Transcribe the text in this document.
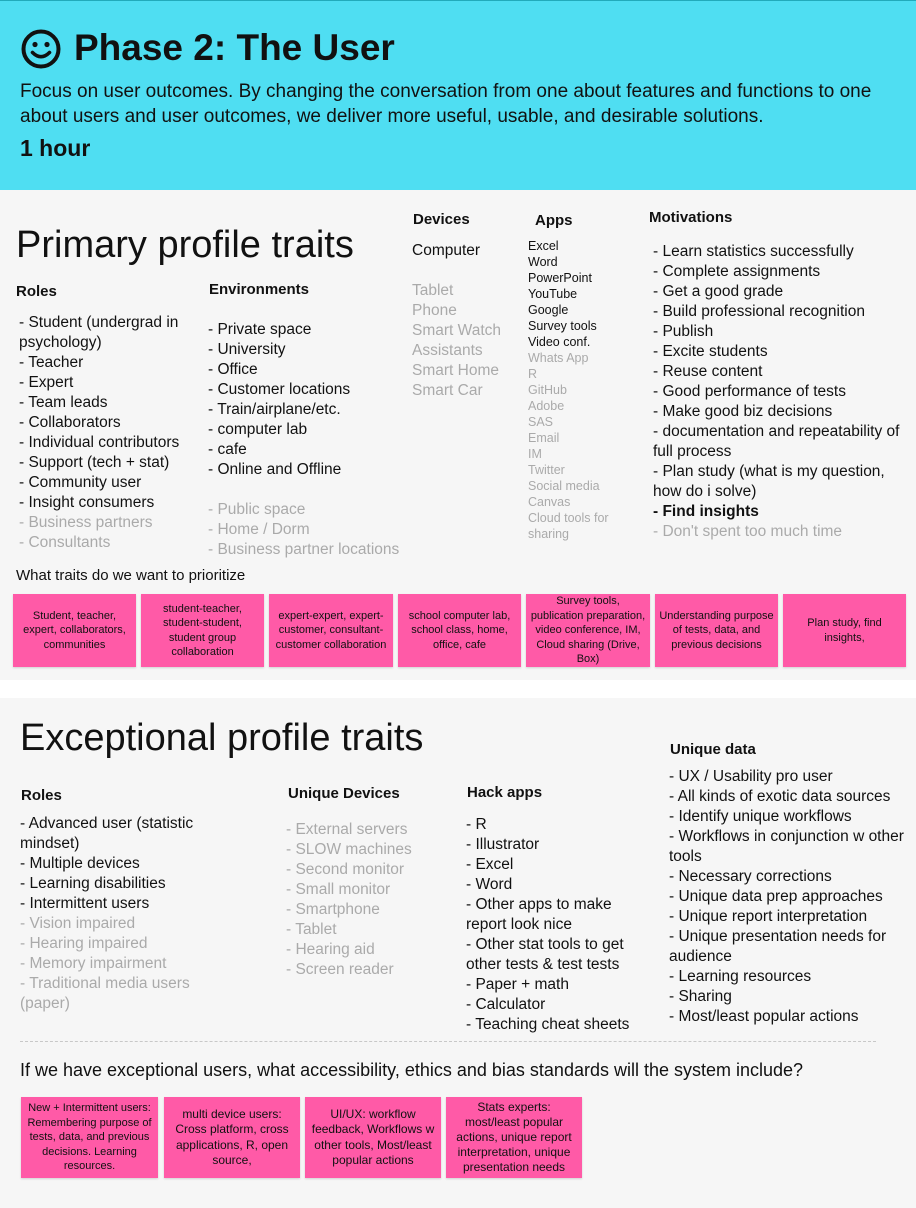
Phase 2: The User
Focus on user outcomes. By changing the conversation from one about features and functions to one about users and user outcomes, we deliver more useful, usable, and desirable solutions.
1 hour
Primary profile traits
Roles
- Student (undergrad in psychology)
- Teacher
- Expert
- Team leads
- Collaborators
- Individual contributors
- Support (tech + stat)
- Community user
- Insight consumers
- Business partners
- Consultants
Environments
- Private space
- University
- Office
- Customer locations
- Train/airplane/etc.
- computer lab
- cafe
- Online and Offline
- Public space
- Home / Dorm
- Business partner locations
Devices
Computer
Tablet
Phone
Smart Watch
Assistants
Smart Home
Smart Car
Apps
Excel
Word
PowerPoint
YouTube
Google
Survey tools
Video conf.
Whats App
R
GitHub
Adobe
SAS
Email
IM
Twitter
Social media
Canvas
Cloud tools for sharing
Motivations
- Learn statistics successfully
- Complete assignments
- Get a good grade
- Build professional recognition
- Publish
- Excite students
- Reuse content
- Good performance of tests
- Make good biz decisions
- documentation and repeatability of full process
- Plan study (what is my question, how do i solve)
- Find insights
- Don't spent too much time
What traits do we want to prioritize
Student, teacher, expert, collaborators, communities
student-teacher, student-student, student group collaboration
expert-expert, expert-customer, consultant-customer collaboration
school computer lab, school class, home, office, cafe
Survey tools, publication preparation, video conference, IM, Cloud sharing (Drive, Box)
Understanding purpose of tests, data, and previous decisions
Plan study, find insights,
Exceptional profile traits
Roles
- Advanced user (statistic mindset)
- Multiple devices
- Learning disabilities
- Intermittent users
- Vision impaired
- Hearing impaired
- Memory impairment
- Traditional media users (paper)
Unique Devices
- External servers
- SLOW machines
- Second monitor
- Small monitor
- Smartphone
- Tablet
- Hearing aid
- Screen reader
Hack apps
- R
- Illustrator
- Excel
- Word
- Other apps to make report look nice
- Other stat tools to get other tests & test tests
- Paper + math
- Calculator
- Teaching cheat sheets
Unique data
- UX / Usability pro user
- All kinds of exotic data sources
- Identify unique workflows
- Workflows in conjunction w other tools
- Necessary corrections
- Unique data prep approaches
- Unique report interpretation
- Unique presentation needs for audience
- Learning resources
- Sharing
- Most/least popular actions
If we have exceptional users, what accessibility, ethics and bias standards will the system include?
New + Intermittent users: Remembering purpose of tests, data, and previous decisions. Learning resources.
multi device users: Cross platform, cross applications, R, open source,
UI/UX: workflow feedback, Workflows w other tools, Most/least popular actions
Stats experts: most/least popular actions, unique report interpretation, unique presentation needs
